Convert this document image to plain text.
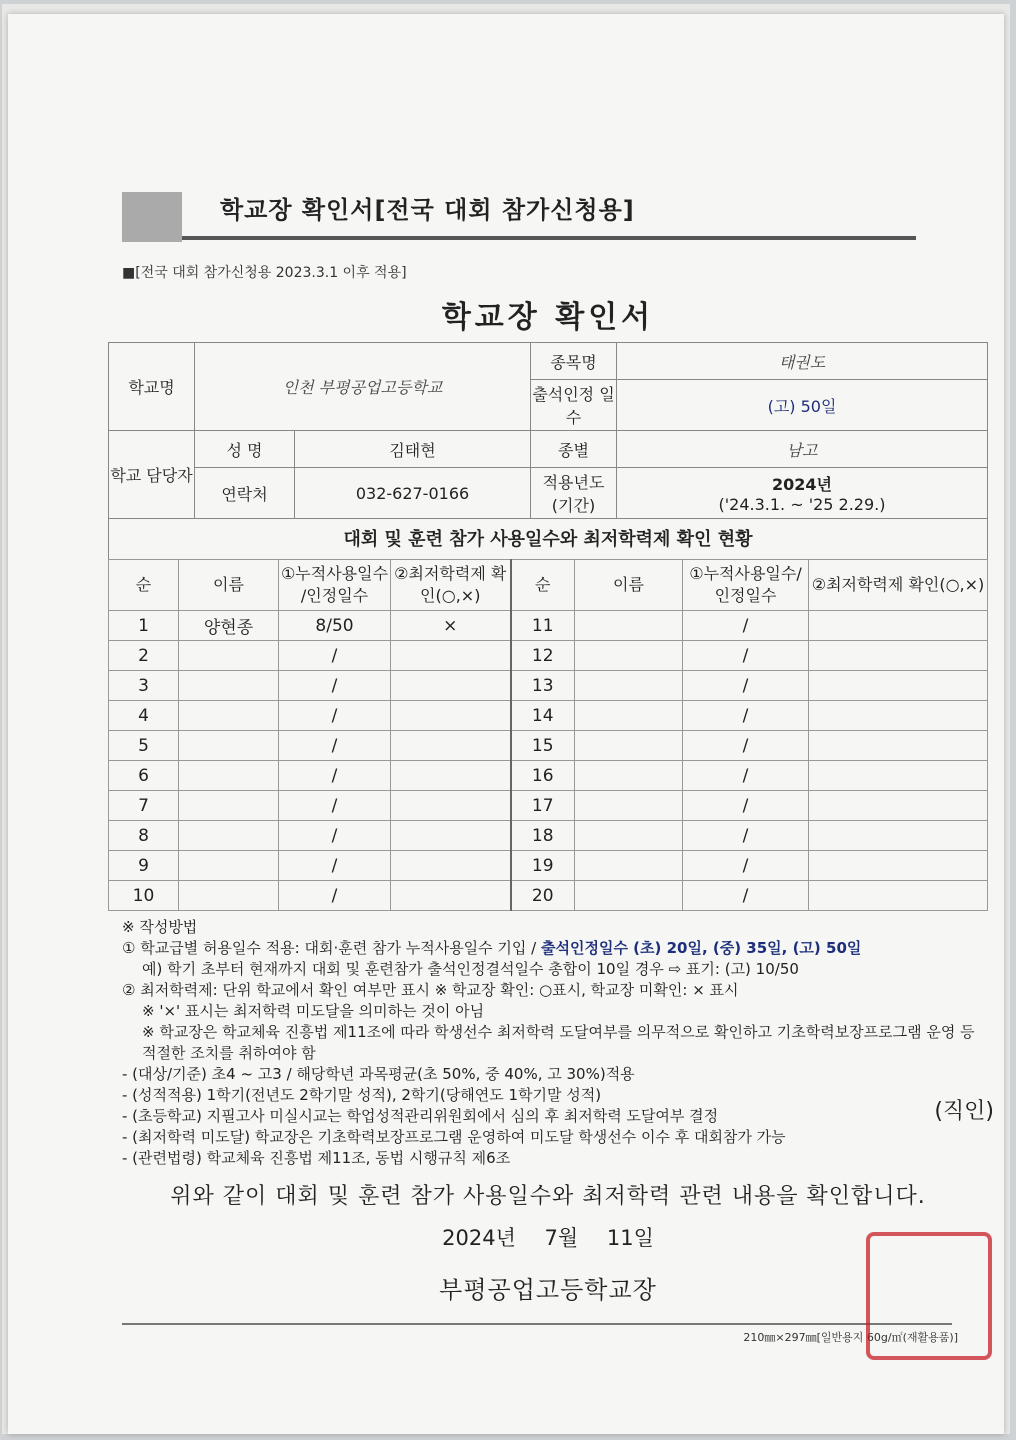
학교장 확인서[전국 대회 참가신청용]
■[전국 대회 참가신청용 2023.3.1 이후 적용]
학교장 확인서
학교명	인천 부평공업고등학교		종목명	태권도
			출석인정 일수	(고) 50일
학교 담당자	성 명	김태현	종별	남고
	연락처	032-627-0166	적용년도 (기간)	2024년
('24.3.1. ~ '25 2.29.)
대회 및 훈련 참가 사용일수와 최저학력제 확인 현황
순	이름	①누적사용일수 /인정일수	②최저학력제 확인(○,×)	순	이름	①누적사용일수/ 인정일수	②최저학력제 확인(○,×)
1	양현종	8/50	×	11		/	
2		/		12		/	
3		/		13		/	
4		/		14		/	
5		/		15		/	
6		/		16		/	
7		/		17		/	
8		/		18		/	
9		/		19		/	
10		/		20		/	
※ 작성방법
① 학교급별 허용일수 적용: 대회·훈련 참가 누적사용일수 기입 / 출석인정일수 (초) 20일, (중) 35일, (고) 50일
예) 학기 초부터 현재까지 대회 및 훈련참가 출석인정결석일수 총합이 10일 경우 ⇨ 표기: (고) 10/50
② 최저학력제: 단위 학교에서 확인 여부만 표시 ※ 학교장 확인: ○표시, 학교장 미확인: × 표시
※ '×' 표시는 최저학력 미도달을 의미하는 것이 아님
※ 학교장은 학교체육 진흥법 제11조에 따라 학생선수 최저학력 도달여부를 의무적으로 확인하고 기초학력보장프로그램 운영 등 적절한 조치를 취하여야 함
- (대상/기준) 초4 ~ 고3 / 해당학년 과목평균(초 50%, 중 40%, 고 30%)적용
- (성적적용) 1학기(전년도 2학기말 성적), 2학기(당해연도 1학기말 성적)
- (초등학교) 지필고사 미실시교는 학업성적관리위원회에서 심의 후 최저학력 도달여부 결정
- (최저학력 미도달) 학교장은 기초학력보장프로그램 운영하여 미도달 학생선수 이수 후 대회참가 가능
- (관련법령) 학교체육 진흥법 제11조, 동법 시행규칙 제6조
위와 같이 대회 및 훈련 참가 사용일수와 최저학력 관련 내용을 확인합니다.
2024년 7월 11일
부평공업고등학교장
210㎜×297㎜[일반용지 60g/㎡(재활용품)]
(직인)
